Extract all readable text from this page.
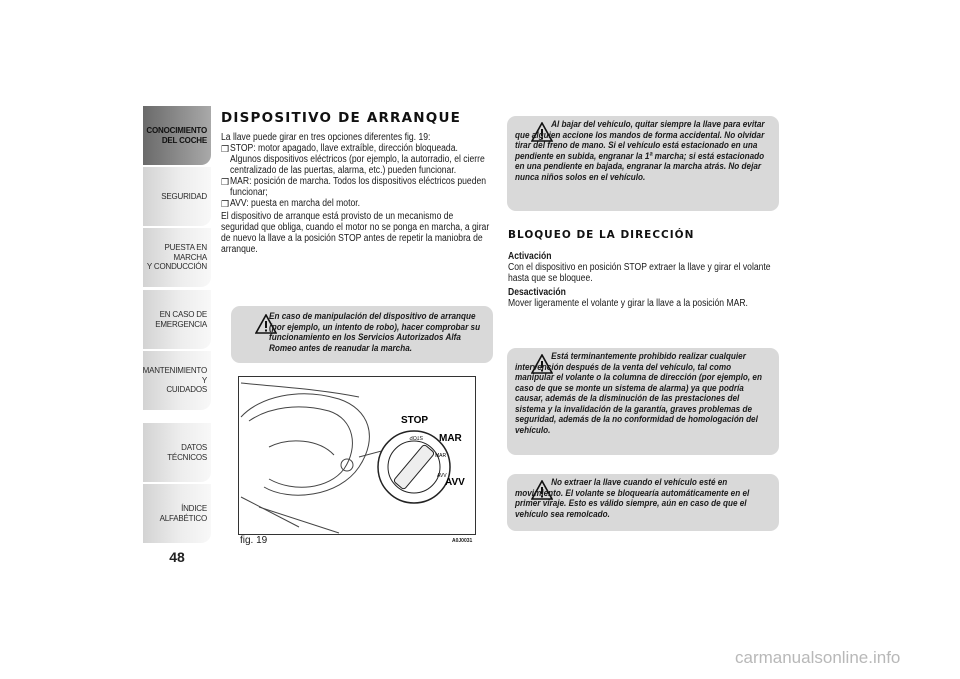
CONOCIMIENTO
DEL COCHE
SEGURIDAD
PUESTA EN MARCHA
Y CONDUCCIÓN
EN CASO DE
EMERGENCIA
MANTENIMIENTO Y
CUIDADOS
DATOS TÉCNICOS
ÍNDICE ALFABÉTICO
48
DISPOSITIVO DE ARRANQUE

La llave puede girar en tres opciones diferentes fig. 19:

❒ STOP: motor apagado, llave extraíble, dirección bloqueada. Algunos dispositivos eléctricos (por ejemplo, la autorradio, el cierre centralizado de las puertas, alarma, etc.) pueden funcionar.

❒ MAR: posición de marcha. Todos los dispositivos eléctricos pueden funcionar;

❒ AVV: puesta en marcha del motor.

El dispositivo de arranque está provisto de un mecanismo de seguridad que obliga, cuando el motor no se ponga en marcha, a girar de nuevo la llave a la posición STOP antes de repetir la maniobra de arranque.

En caso de manipulación del dispositivo de arranque (por ejemplo, un intento de robo), hacer comprobar su funcionamiento en los Servicios Autorizados Alfa Romeo antes de reanudar la marcha.

STOP
MAR
AVV
STOP
MAR
AVV
fig. 19	A0J0031

Al bajar del vehículo, quitar siempre la llave para evitar que alguien accione los mandos de forma accidental. No olvidar tirar del freno de mano. Si el vehículo está estacionado en una pendiente en subida, engranar la 1ª marcha; si está estacionado en una pendiente en bajada, engranar la marcha atrás. No dejar nunca niños solos en el vehículo.

BLOQUEO DE LA DIRECCIÓN

Activación

Con el dispositivo en posición STOP extraer la llave y girar el volante hasta que se bloquee.

Desactivación

Mover ligeramente el volante y girar la llave a la posición MAR.

Está terminantemente prohibido realizar cualquier intervención después de la venta del vehículo, tal como manipular el volante o la columna de dirección (por ejemplo, en caso de que se monte un sistema de alarma) ya que podría causar, además de la disminución de las prestaciones del sistema y la invalidación de la garantía, graves problemas de seguridad, además de la no conformidad de homologación del vehículo.

No extraer la llave cuando el vehículo esté en movimiento. El volante se bloquearía automáticamente en el primer viraje. Esto es válido siempre, aún en caso de que el vehículo sea remolcado.

carmanualsonline.info
